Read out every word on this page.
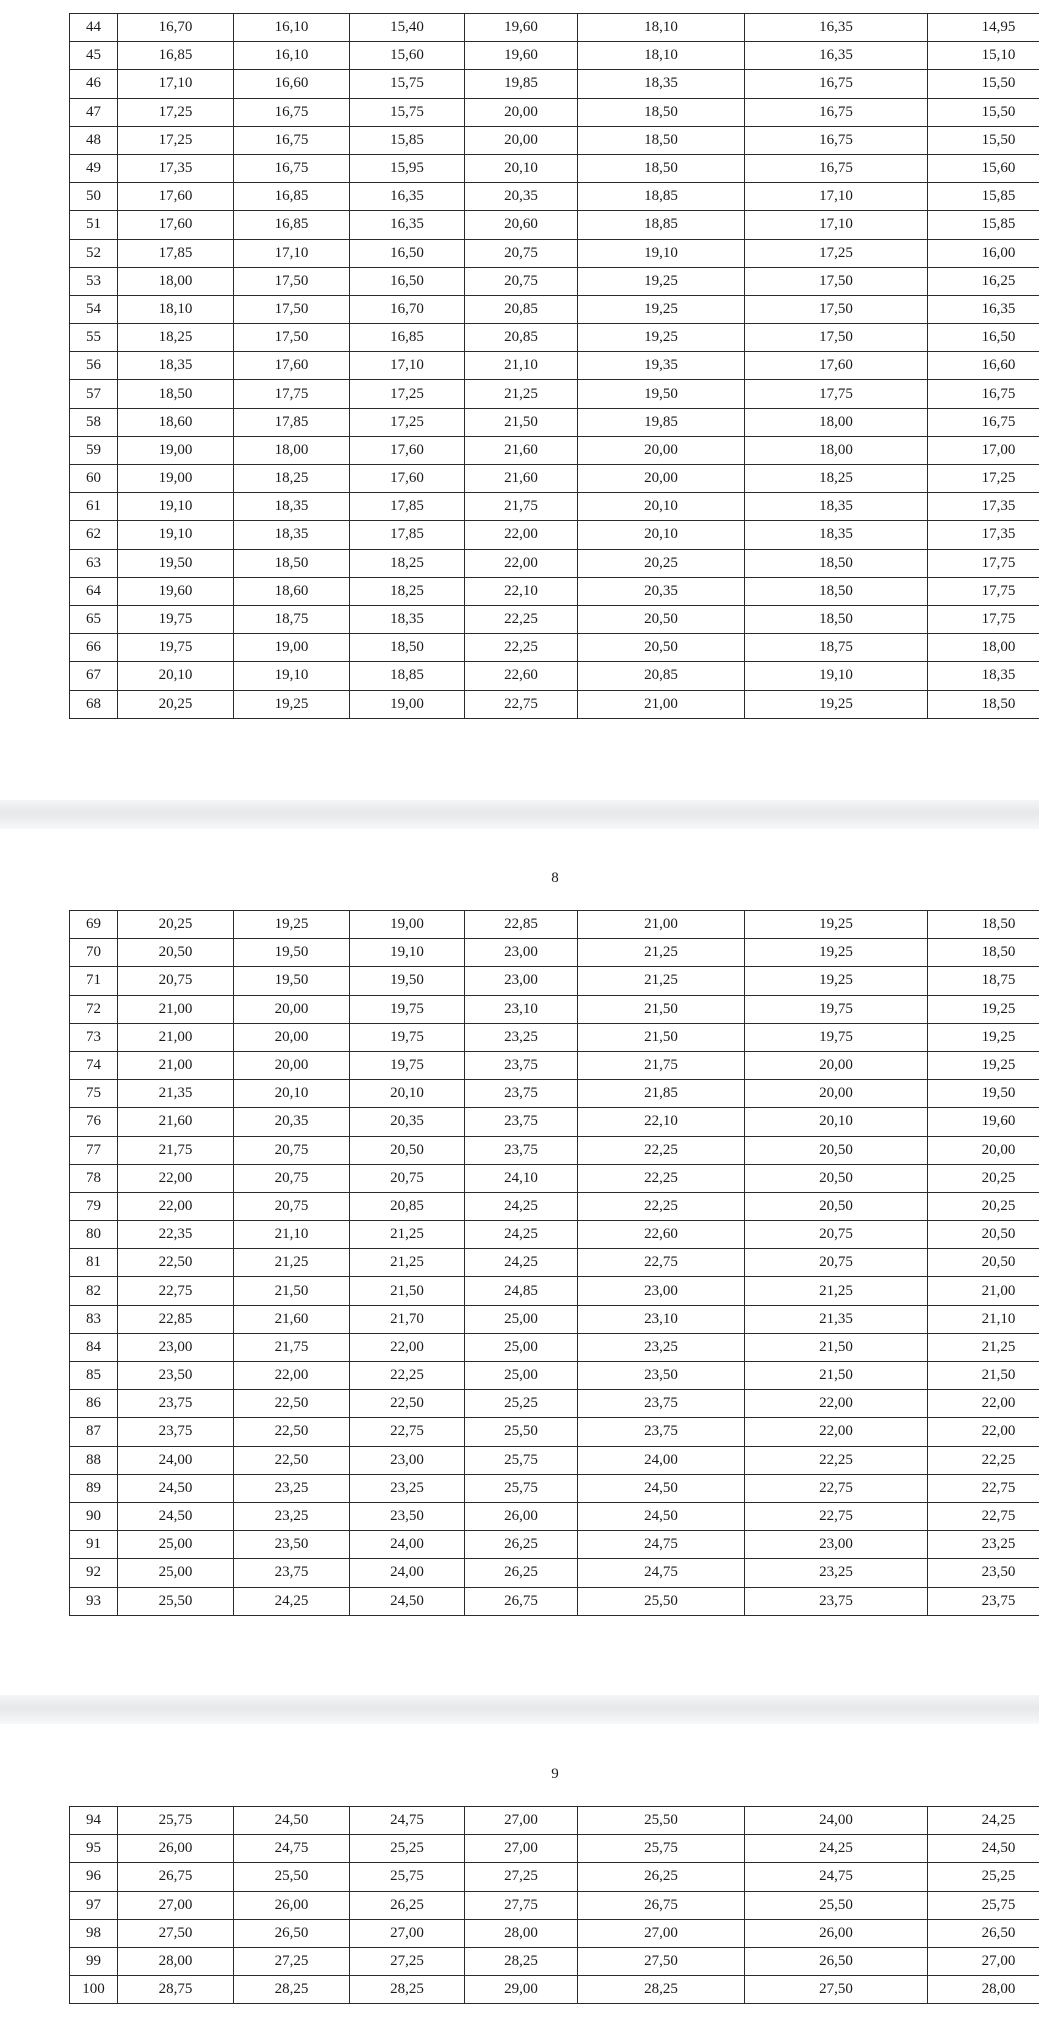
44	16,70	16,10	15,40	19,60	18,10	16,35	14,95
45	16,85	16,10	15,60	19,60	18,10	16,35	15,10
46	17,10	16,60	15,75	19,85	18,35	16,75	15,50
47	17,25	16,75	15,75	20,00	18,50	16,75	15,50
48	17,25	16,75	15,85	20,00	18,50	16,75	15,50
49	17,35	16,75	15,95	20,10	18,50	16,75	15,60
50	17,60	16,85	16,35	20,35	18,85	17,10	15,85
51	17,60	16,85	16,35	20,60	18,85	17,10	15,85
52	17,85	17,10	16,50	20,75	19,10	17,25	16,00
53	18,00	17,50	16,50	20,75	19,25	17,50	16,25
54	18,10	17,50	16,70	20,85	19,25	17,50	16,35
55	18,25	17,50	16,85	20,85	19,25	17,50	16,50
56	18,35	17,60	17,10	21,10	19,35	17,60	16,60
57	18,50	17,75	17,25	21,25	19,50	17,75	16,75
58	18,60	17,85	17,25	21,50	19,85	18,00	16,75
59	19,00	18,00	17,60	21,60	20,00	18,00	17,00
60	19,00	18,25	17,60	21,60	20,00	18,25	17,25
61	19,10	18,35	17,85	21,75	20,10	18,35	17,35
62	19,10	18,35	17,85	22,00	20,10	18,35	17,35
63	19,50	18,50	18,25	22,00	20,25	18,50	17,75
64	19,60	18,60	18,25	22,10	20,35	18,50	17,75
65	19,75	18,75	18,35	22,25	20,50	18,50	17,75
66	19,75	19,00	18,50	22,25	20,50	18,75	18,00
67	20,10	19,10	18,85	22,60	20,85	19,10	18,35
68	20,25	19,25	19,00	22,75	21,00	19,25	18,50
8
69	20,25	19,25	19,00	22,85	21,00	19,25	18,50
70	20,50	19,50	19,10	23,00	21,25	19,25	18,50
71	20,75	19,50	19,50	23,00	21,25	19,25	18,75
72	21,00	20,00	19,75	23,10	21,50	19,75	19,25
73	21,00	20,00	19,75	23,25	21,50	19,75	19,25
74	21,00	20,00	19,75	23,75	21,75	20,00	19,25
75	21,35	20,10	20,10	23,75	21,85	20,00	19,50
76	21,60	20,35	20,35	23,75	22,10	20,10	19,60
77	21,75	20,75	20,50	23,75	22,25	20,50	20,00
78	22,00	20,75	20,75	24,10	22,25	20,50	20,25
79	22,00	20,75	20,85	24,25	22,25	20,50	20,25
80	22,35	21,10	21,25	24,25	22,60	20,75	20,50
81	22,50	21,25	21,25	24,25	22,75	20,75	20,50
82	22,75	21,50	21,50	24,85	23,00	21,25	21,00
83	22,85	21,60	21,70	25,00	23,10	21,35	21,10
84	23,00	21,75	22,00	25,00	23,25	21,50	21,25
85	23,50	22,00	22,25	25,00	23,50	21,50	21,50
86	23,75	22,50	22,50	25,25	23,75	22,00	22,00
87	23,75	22,50	22,75	25,50	23,75	22,00	22,00
88	24,00	22,50	23,00	25,75	24,00	22,25	22,25
89	24,50	23,25	23,25	25,75	24,50	22,75	22,75
90	24,50	23,25	23,50	26,00	24,50	22,75	22,75
91	25,00	23,50	24,00	26,25	24,75	23,00	23,25
92	25,00	23,75	24,00	26,25	24,75	23,25	23,50
93	25,50	24,25	24,50	26,75	25,50	23,75	23,75
9
94	25,75	24,50	24,75	27,00	25,50	24,00	24,25
95	26,00	24,75	25,25	27,00	25,75	24,25	24,50
96	26,75	25,50	25,75	27,25	26,25	24,75	25,25
97	27,00	26,00	26,25	27,75	26,75	25,50	25,75
98	27,50	26,50	27,00	28,00	27,00	26,00	26,50
99	28,00	27,25	27,25	28,25	27,50	26,50	27,00
100	28,75	28,25	28,25	29,00	28,25	27,50	28,00
